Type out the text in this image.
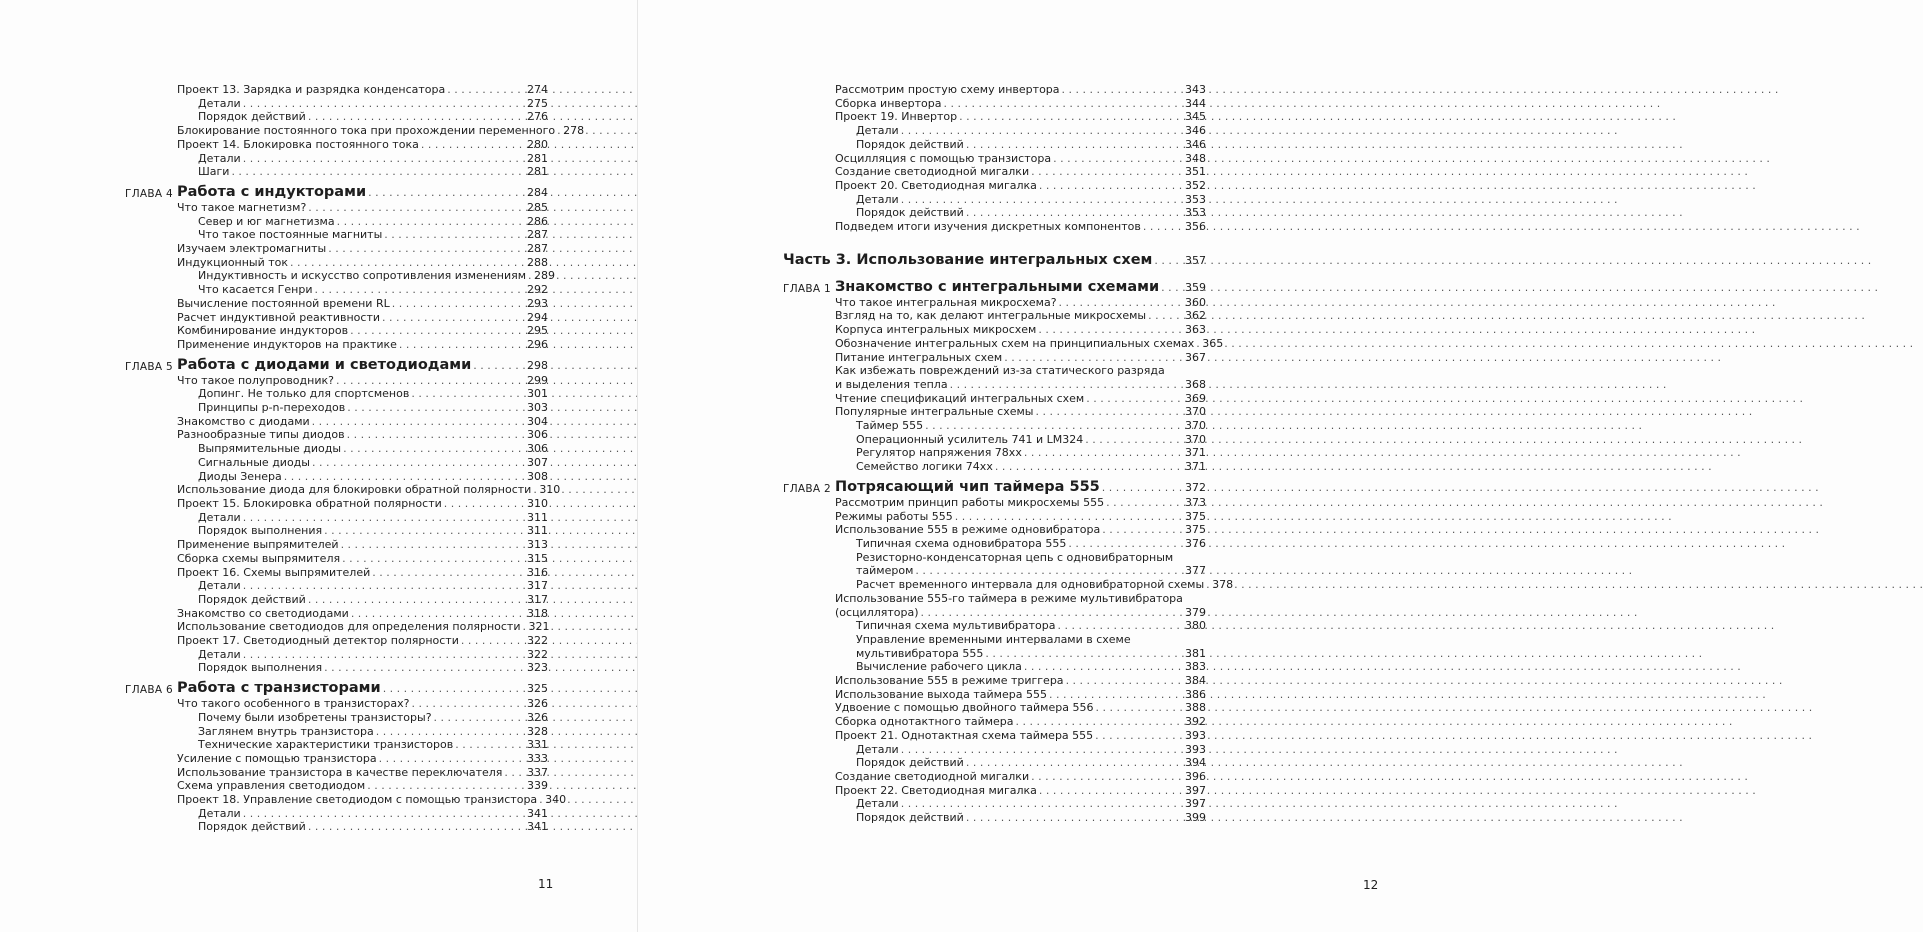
Проект 13. Зарядка и разрядка конденсатора . . .	274
Детали . . .	275
Порядок действий . . .	276
Блокирование постоянного тока при прохождении переменного . . . 278
Проект 14. Блокировка постоянного тока . . .	280
Детали . . .	281
Шаги . . .	281
ГЛАВА 4 Работа с индукторами . . .	284
Что такое магнетизм? . . .	285
Север и юг магнетизма . . .	286
Что такое постоянные магниты . . .	287
Изучаем электромагниты . . .	287
Индукционный ток . . .	288
Индуктивность и искусство сопротивления изменениям . . . 289
Что касается Генри . . .	292
Вычисление постоянной времени RL . . .	293
Расчет индуктивной реактивности . . .	294
Комбинирование индукторов . . .	295
Применение индукторов на практике . . .	296
ГЛАВА 5 Работа с диодами и светодиодами . . .	298
Что такое полупроводник? . . .	299
Допинг. Не только для спортсменов . . .	301
Принципы p-n-переходов . . .	303
Знакомство с диодами . . .	304
Разнообразные типы диодов . . .	306
Выпрямительные диоды . . .	306
Сигнальные диоды . . .	307
Диоды Зенера . . .	308
Использование диода для блокировки обратной полярности . . . 310
Проект 15. Блокировка обратной полярности . . .	310
Детали . . .	311
Порядок выполнения . . .	311
Применение выпрямителей . . .	313
Сборка схемы выпрямителя . . .	315
Проект 16. Схемы выпрямителей . . .	316
Детали . . .	317
Порядок действий . . .	317
Знакомство со светодиодами . . .	318
Использование светодиодов для определения полярности . . . 321
Проект 17. Светодиодный детектор полярности . . .	322
Детали . . .	322
Порядок выполнения . . .	323
ГЛАВА 6 Работа с транзисторами . . .	325
Что такого особенного в транзисторах? . . .	326
Почему были изобретены транзисторы? . . .	326
Заглянем внутрь транзистора . . .	328
Технические характеристики транзисторов . . .	331
Усиление с помощью транзистора . . .	333
Использование транзистора в качестве переключателя . . . 337
Схема управления светодиодом . . .	339
Проект 18. Управление светодиодом с помощью транзистора . . . 340
Детали . . .	341
Порядок действий . . .	341
11
Рассмотрим простую схему инвертора . . .	343
Сборка инвертора . . .	344
Проект 19. Инвертор . . .	345
Детали . . .	346
Порядок действий . . .	346
Осцилляция с помощью транзистора . . .	348
Создание светодиодной мигалки . . .	351
Проект 20. Светодиодная мигалка . . .	352
Детали . . .	353
Порядок действий . . .	353
Подведем итоги изучения дискретных компонентов . . .	356
Часть 3. Использование интегральных схем . . .	357
ГЛАВА 1 Знакомство с интегральными схемами . . . 359
Что такое интегральная микросхема? . . .	360
Взгляд на то, как делают интегральные микросхемы . . .	362
Корпуса интегральных микросхем . . .	363
Обозначение интегральных схем на принципиальных схемах . . . 365
Питание интегральных схем . . .	367
Как избежать повреждений из-за статического разряда
и выделения тепла . . .	368
Чтение спецификаций интегральных схем . . .	369
Популярные интегральные схемы . . .	370
Таймер 555 . . .	370
Операционный усилитель 741 и LM324 . . .	370
Регулятор напряжения 78xx . . .	371
Семейство логики 74xx . . .	371
ГЛАВА 2 Потрясающий чип таймера 555 . . .	372
Рассмотрим принцип работы микросхемы 555 . . .	373
Режимы работы 555 . . .	375
Использование 555 в режиме одновибратора . . .	375
Типичная схема одновибратора 555 . . .	376
Резисторно-конденсаторная цепь с одновибраторным
таймером . . .	377
Расчет временного интервала для одновибраторной схемы . . . 378
Использование 555-го таймера в режиме мультивибратора
(осциллятора) . . .	379
Типичная схема мультивибратора . . .	380
Управление временными интервалами в схеме
мультивибратора 555 . . .	381
Вычисление рабочего цикла . . .	383
Использование 555 в режиме триггера . . .	384
Использование выхода таймера 555 . . .	386
Удвоение с помощью двойного таймера 556 . . .	388
Сборка однотактного таймера . . .	392
Проект 21. Однотактная схема таймера 555 . . .	393
Детали . . .	393
Порядок действий . . .	394
Создание светодиодной мигалки . . .	396
Проект 22. Светодиодная мигалка . . .	397
Детали . . .	397
Порядок действий . . .	399
12
